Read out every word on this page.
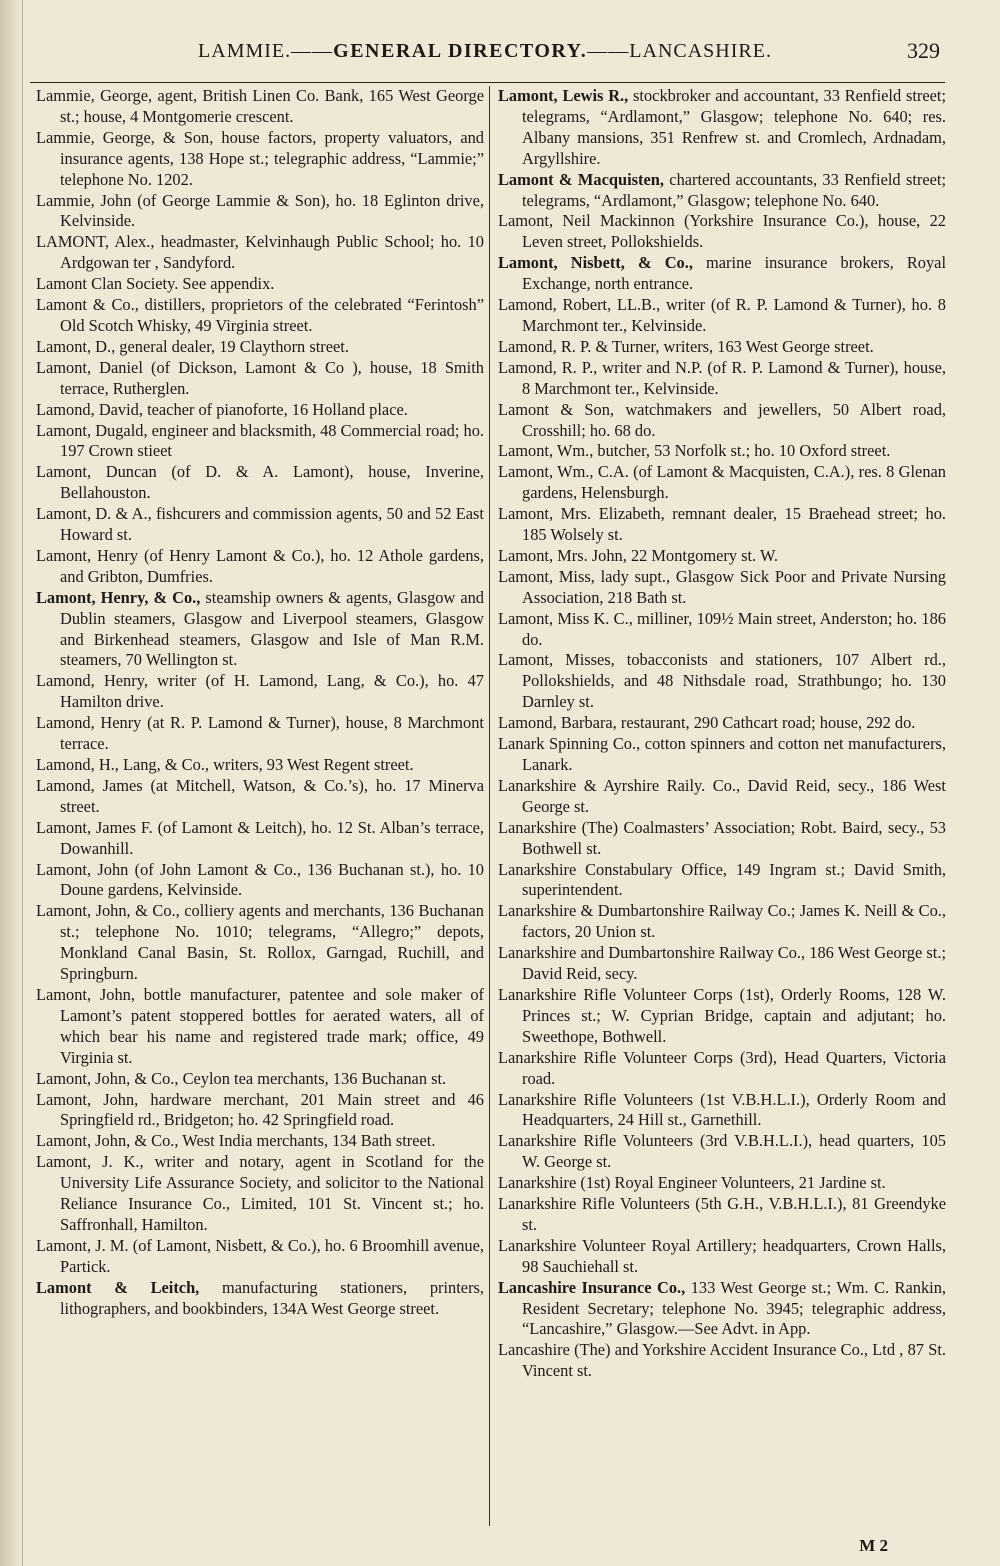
LAMMIE.——GENERAL DIRECTORY.——LANCASHIRE.	329

Lammie, George, agent, British Linen Co. Bank, 165 West George st.; house, 4 Montgomerie crescent.

Lammie, George, & Son, house factors, property valuators, and insurance agents, 138 Hope st.; telegraphic address, “Lammie;” telephone No. 1202.

Lammie, John (of George Lammie & Son), ho. 18 Eglinton drive, Kelvinside.

LAMONT, Alex., headmaster, Kelvinhaugh Public School; ho. 10 Ardgowan ter , Sandyford.

Lamont Clan Society. See appendix.

Lamont & Co., distillers, proprietors of the celebrated “Ferintosh” Old Scotch Whisky, 49 Virginia street.

Lamont, D., general dealer, 19 Claythorn street.

Lamont, Daniel (of Dickson, Lamont & Co ), house, 18 Smith terrace, Rutherglen.

Lamond, David, teacher of pianoforte, 16 Holland place.

Lamont, Dugald, engineer and blacksmith, 48 Commercial road; ho. 197 Crown stieet

Lamont, Duncan (of D. & A. Lamont), house, Inverine, Bellahouston.

Lamont, D. & A., fishcurers and commission agents, 50 and 52 East Howard st.

Lamont, Henry (of Henry Lamont & Co.), ho. 12 Athole gardens, and Gribton, Dumfries.

Lamont, Henry, & Co., steamship owners & agents, Glasgow and Dublin steamers, Glasgow and Liverpool steamers, Glasgow and Birkenhead steamers, Glasgow and Isle of Man R.M. steamers, 70 Wellington st.

Lamond, Henry, writer (of H. Lamond, Lang, & Co.), ho. 47 Hamilton drive.

Lamond, Henry (at R. P. Lamond & Turner), house, 8 Marchmont terrace.

Lamond, H., Lang, & Co., writers, 93 West Regent street.

Lamond, James (at Mitchell, Watson, & Co.’s), ho. 17 Minerva street.

Lamont, James F. (of Lamont & Leitch), ho. 12 St. Alban’s terrace, Dowanhill.

Lamont, John (of John Lamont & Co., 136 Buchanan st.), ho. 10 Doune gardens, Kelvinside.

Lamont, John, & Co., colliery agents and merchants, 136 Buchanan st.; telephone No. 1010; telegrams, “Allegro;” depots, Monkland Canal Basin, St. Rollox, Garngad, Ruchill, and Springburn.

Lamont, John, bottle manufacturer, patentee and sole maker of Lamont’s patent stoppered bottles for aerated waters, all of which bear his name and registered trade mark; office, 49 Virginia st.

Lamont, John, & Co., Ceylon tea merchants, 136 Buchanan st.

Lamont, John, hardware merchant, 201 Main street and 46 Springfield rd., Bridgeton; ho. 42 Springfield road.

Lamont, John, & Co., West India merchants, 134 Bath street.

Lamont, J. K., writer and notary, agent in Scotland for the University Life Assurance Society, and solicitor to the National Reliance Insurance Co., Limited, 101 St. Vincent st.; ho. Saffronhall, Hamilton.

Lamont, J. M. (of Lamont, Nisbett, & Co.), ho. 6 Broomhill avenue, Partick.

Lamont & Leitch, manufacturing stationers, printers, lithographers, and bookbinders, 134A West George street.

Lamont, Lewis R., stockbroker and accountant, 33 Renfield street; telegrams, “Ardlamont,” Glasgow; telephone No. 640; res. Albany mansions, 351 Renfrew st. and Cromlech, Ardnadam, Argyllshire.

Lamont & Macquisten, chartered accountants, 33 Renfield street; telegrams, “Ardlamont,” Glasgow; telephone No. 640.

Lamont, Neil Mackinnon (Yorkshire Insurance Co.), house, 22 Leven street, Pollokshields.

Lamont, Nisbett, & Co., marine insurance brokers, Royal Exchange, north entrance.

Lamond, Robert, LL.B., writer (of R. P. Lamond & Turner), ho. 8 Marchmont ter., Kelvinside.

Lamond, R. P. & Turner, writers, 163 West George street.

Lamond, R. P., writer and N.P. (of R. P. Lamond & Turner), house, 8 Marchmont ter., Kelvinside.

Lamont & Son, watchmakers and jewellers, 50 Albert road, Crosshill; ho. 68 do.

Lamont, Wm., butcher, 53 Norfolk st.; ho. 10 Oxford street.

Lamont, Wm., C.A. (of Lamont & Macquisten, C.A.), res. 8 Glenan gardens, Helensburgh.

Lamont, Mrs. Elizabeth, remnant dealer, 15 Braehead street; ho. 185 Wolsely st.

Lamont, Mrs. John, 22 Montgomery st. W.

Lamont, Miss, lady supt., Glasgow Sick Poor and Private Nursing Association, 218 Bath st.

Lamont, Miss K. C., milliner, 109½ Main street, Anderston; ho. 186 do.

Lamont, Misses, tobacconists and stationers, 107 Albert rd., Pollokshields, and 48 Nithsdale road, Strathbungo; ho. 130 Darnley st.

Lamond, Barbara, restaurant, 290 Cathcart road; house, 292 do.

Lanark Spinning Co., cotton spinners and cotton net manufacturers, Lanark.

Lanarkshire & Ayrshire Raily. Co., David Reid, secy., 186 West George st.

Lanarkshire (The) Coalmasters’ Association; Robt. Baird, secy., 53 Bothwell st.

Lanarkshire Constabulary Office, 149 Ingram st.; David Smith, superintendent.

Lanarkshire & Dumbartonshire Railway Co.; James K. Neill & Co., factors, 20 Union st.

Lanarkshire and Dumbartonshire Railway Co., 186 West George st.; David Reid, secy.

Lanarkshire Rifle Volunteer Corps (1st), Orderly Rooms, 128 W. Princes st.; W. Cyprian Bridge, captain and adjutant; ho. Sweethope, Bothwell.

Lanarkshire Rifle Volunteer Corps (3rd), Head Quarters, Victoria road.

Lanarkshire Rifle Volunteers (1st V.B.H.L.I.), Orderly Room and Headquarters, 24 Hill st., Garnethill.

Lanarkshire Rifle Volunteers (3rd V.B.H.L.I.), head quarters, 105 W. George st.

Lanarkshire (1st) Royal Engineer Volunteers, 21 Jardine st.

Lanarkshire Rifle Volunteers (5th G.H., V.B.H.L.I.), 81 Greendyke st.

Lanarkshire Volunteer Royal Artillery; headquarters, Crown Halls, 98 Sauchiehall st.

Lancashire Insurance Co., 133 West George st.; Wm. C. Rankin, Resident Secretary; telephone No. 3945; telegraphic address, “Lancashire,” Glasgow.—See Advt. in App.

Lancashire (The) and Yorkshire Accident Insurance Co., Ltd , 87 St. Vincent st.

M 2
